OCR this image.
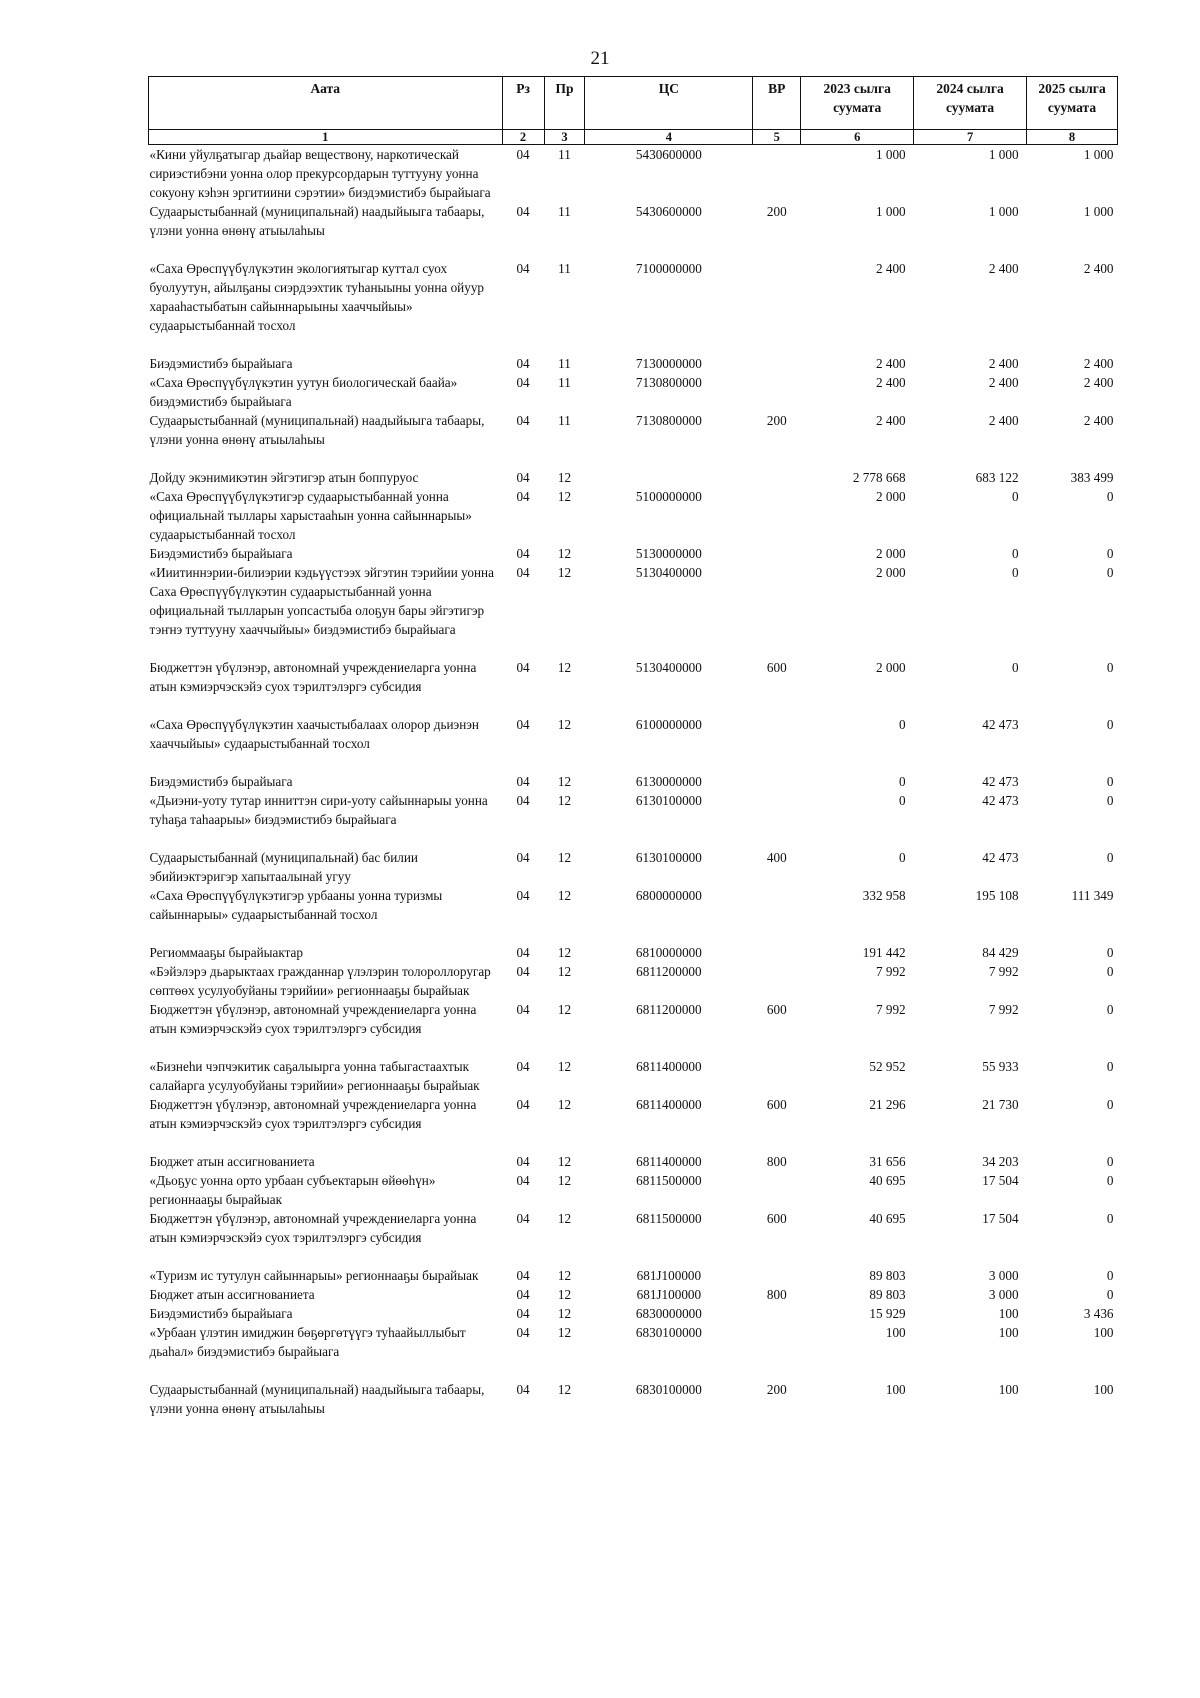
21
Аата	Рз	Пр	ЦС	ВР	2023 сылга суумата	2024 сылга суумата	2025 сылга суумата
1	2	3	4	5	6	7	8
«Кини уйулҕатыгар дьайар веществону, наркотическай сириэстибэни уонна олор прекурсордарын туттууну уонна сокуону кэһэн эргитиини сэрэтии» биэдэмистибэ бырайыага	04	11	5430600000		1 000	1 000	1 000
Судаарыстыбаннай (муниципальнай) наадыйыыга табаары, үлэни уонна өнөнү атыылаһыы	04	11	5430600000	200	1 000	1 000	1 000
«Саха Өрөспүүбүлүкэтин экологиятыгар куттал суох буолуутун, айылҕаны сиэрдээхтик туһаныыны уонна ойуур харааһастыбатын сайыннарыыны хааччыйыы» судаарыстыбаннай тосхол	04	11	7100000000		2 400	2 400	2 400
Биэдэмистибэ бырайыага	04	11	7130000000		2 400	2 400	2 400
«Саха Өрөспүүбүлүкэтин уутун биологическай баайа» биэдэмистибэ бырайыага	04	11	7130800000		2 400	2 400	2 400
Судаарыстыбаннай (муниципальнай) наадыйыыга табаары, үлэни уонна өнөнү атыылаһыы	04	11	7130800000	200	2 400	2 400	2 400
Дойду экэнимикэтин эйгэтигэр атын боппуруос	04	12			2 778 668	683 122	383 499
«Саха Өрөспүүбүлүкэтигэр судаарыстыбаннай уонна официальнай тыллары харыстааһын уонна сайыннарыы» судаарыстыбаннай тосхол	04	12	5100000000		2 000	0	0
Биэдэмистибэ бырайыага	04	12	5130000000		2 000	0	0
«Ииитиннэрии-билиэрии кэдьүүстээх эйгэтин тэрийии уонна Саха Өрөспүүбүлүкэтин судаарыстыбаннай уонна официальнай тылларын уопсастыба олоҕун бары эйгэтигэр тэҥнэ туттууну хааччыйыы» биэдэмистибэ бырайыага	04	12	5130400000		2 000	0	0
Бюджеттэн үбүлэнэр, автономнай учреждениеларга уонна атын кэмиэрчэскэйэ суох тэрилтэлэргэ субсидия	04	12	5130400000	600	2 000	0	0
«Саха Өрөспүүбүлүкэтин хаачыстыбалаах олорор дьиэнэн хааччыйыы» судаарыстыбаннай тосхол	04	12	6100000000		0	42 473	0
Биэдэмистибэ бырайыага	04	12	6130000000		0	42 473	0
«Дьиэни-уоту тутар инниттэн сири-уоту сайыннарыы уонна туһаҕа таһаарыы» биэдэмистибэ бырайыага	04	12	6130100000		0	42 473	0
Судаарыстыбаннай (муниципальнай) бас билии эбийиэктэригэр хапытаалынай угуу	04	12	6130100000	400	0	42 473	0
«Саха Өрөспүүбүлүкэтигэр урбааны уонна туризмы сайыннарыы» судаарыстыбаннай тосхол	04	12	6800000000		332 958	195 108	111 349
Региоммааҕы бырайыактар	04	12	6810000000		191 442	84 429	0
«Бэйэлэрэ дьарыктаах гражданнар үлэлэрин толороллоругар сөптөөх усулуобуйаны тэрийии» регионнааҕы бырайыак	04	12	6811200000		7 992	7 992	0
Бюджеттэн үбүлэнэр, автономнай учреждениеларга уонна атын кэмиэрчэскэйэ суох тэрилтэлэргэ субсидия	04	12	6811200000	600	7 992	7 992	0
«Бизнеһи чэпчэкитик саҕалыырга уонна табыгастаахтык салайарга усулуобуйаны тэрийии» регионнааҕы бырайыак	04	12	6811400000		52 952	55 933	0
Бюджеттэн үбүлэнэр, автономнай учреждениеларга уонна атын кэмиэрчэскэйэ суох тэрилтэлэргэ субсидия	04	12	6811400000	600	21 296	21 730	0
Бюджет атын ассигнованиета	04	12	6811400000	800	31 656	34 203	0
«Дьоҕус уонна орто урбаан субъектарын өйөөһүн» регионнааҕы бырайыак	04	12	6811500000		40 695	17 504	0
Бюджеттэн үбүлэнэр, автономнай учреждениеларга уонна атын кэмиэрчэскэйэ суох тэрилтэлэргэ субсидия	04	12	6811500000	600	40 695	17 504	0
«Туризм ис тутулун сайыннарыы» регионнааҕы бырайыак	04	12	681J100000		89 803	3 000	0
Бюджет атын ассигнованиета	04	12	681J100000	800	89 803	3 000	0
Биэдэмистибэ бырайыага	04	12	6830000000		15 929	100	3 436
«Урбаан үлэтин имиджин бөҕөргөтүүгэ туһаайыллыбыт дьаһал» биэдэмистибэ бырайыага	04	12	6830100000		100	100	100
Судаарыстыбаннай (муниципальнай) наадыйыыга табаары, үлэни уонна өнөнү атыылаһыы	04	12	6830100000	200	100	100	100
